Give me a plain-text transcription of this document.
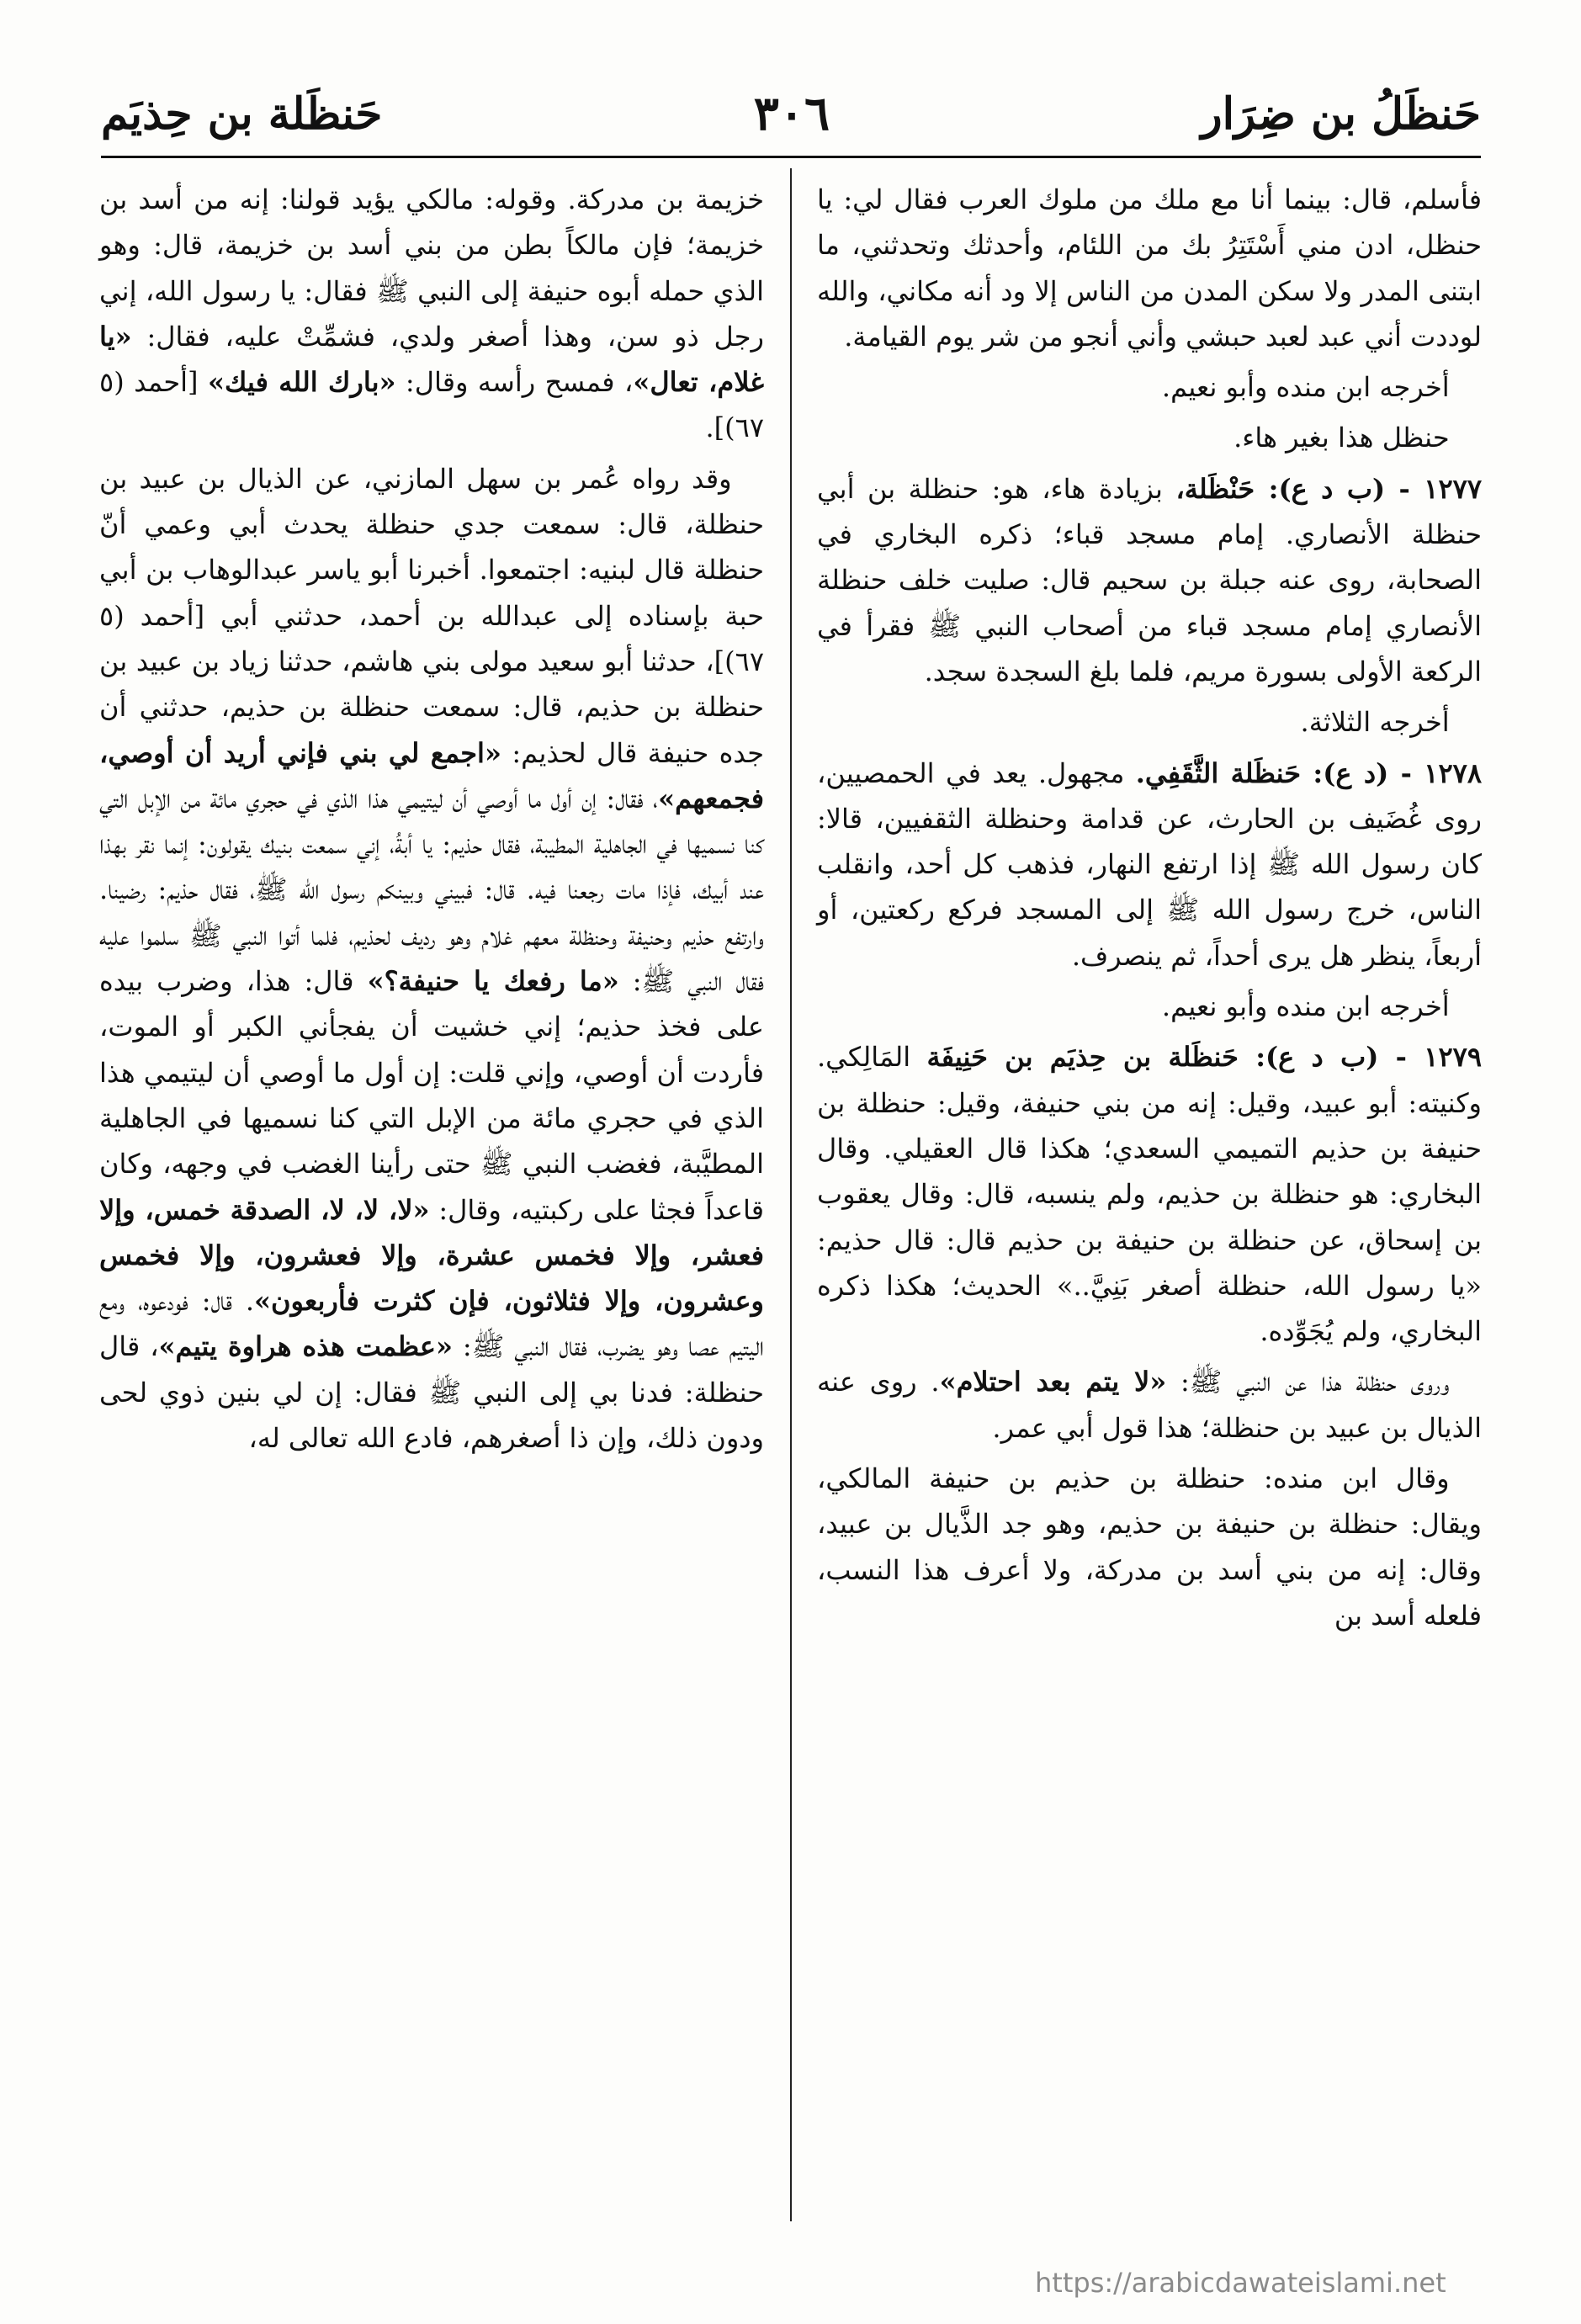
حَنظَلُ بن ضِرَار
٣٠٦
حَنظَلة بن حِذيَم

فأسلم، قال: بينما أنا مع ملك من ملوك العرب فقال لي: يا حنظل، ادن مني أَسْتَتِرُ بك من اللئام، وأحدثك وتحدثني، ما ابتنى المدر ولا سكن المدن من الناس إلا ود أنه مكاني، والله لوددت أني عبد لعبد حبشي وأني أنجو من شر يوم القيامة.

أخرجه ابن منده وأبو نعيم.

حنظل هذا بغير هاء.

١٢٧٧ - (ب د ع): حَنْظَلة، بزيادة هاء، هو: حنظلة بن أبي حنظلة الأنصاري. إمام مسجد قباء؛ ذكره البخاري في الصحابة، روى عنه جبلة بن سحيم قال: صليت خلف حنظلة الأنصاري إمام مسجد قباء من أصحاب النبي ﷺ فقرأ في الركعة الأولى بسورة مريم، فلما بلغ السجدة سجد.

أخرجه الثلاثة.

١٢٧٨ - (د ع): حَنظَلة الثَّقَفِي. مجهول. يعد في الحمصيين، روى غُضَيف بن الحارث، عن قدامة وحنظلة الثقفيين، قالا: كان رسول الله ﷺ إذا ارتفع النهار، فذهب كل أحد، وانقلب الناس، خرج رسول الله ﷺ إلى المسجد فركع ركعتين، أو أربعاً، ينظر هل يرى أحداً، ثم ينصرف.

أخرجه ابن منده وأبو نعيم.

١٢٧٩ - (ب د ع): حَنظَلة بن حِذيَم بن حَنِيفَة المَالِكي. وكنيته: أبو عبيد، وقيل: إنه من بني حنيفة، وقيل: حنظلة بن حنيفة بن حذيم التميمي السعدي؛ هكذا قال العقيلي. وقال البخاري: هو حنظلة بن حذيم، ولم ينسبه، قال: وقال يعقوب بن إسحاق، عن حنظلة بن حنيفة بن حذيم قال: قال حذيم: «يا رسول الله، حنظلة أصغر بَنِيَّ..» الحديث؛ هكذا ذكره البخاري، ولم يُجَوِّده.

وروى حنظلة هذا عن النبي ﷺ: «لا يتم بعد احتلام». روى عنه الذيال بن عبيد بن حنظلة؛ هذا قول أبي عمر.

وقال ابن منده: حنظلة بن حذيم بن حنيفة المالكي، ويقال: حنظلة بن حنيفة بن حذيم، وهو جد الذَّيال بن عبيد، وقال: إنه من بني أسد بن مدركة، ولا أعرف هذا النسب، فلعله أسد بن

خزيمة بن مدركة. وقوله: مالكي يؤيد قولنا: إنه من أسد بن خزيمة؛ فإن مالكاً بطن من بني أسد بن خزيمة، قال: وهو الذي حمله أبوه حنيفة إلى النبي ﷺ فقال: يا رسول الله، إني رجل ذو سن، وهذا أصغر ولدي، فشمِّتْ عليه، فقال: «يا غلام، تعال»، فمسح رأسه وقال: «بارك الله فيك» [أحمد (٥ ٦٧)].

وقد رواه عُمر بن سهل المازني، عن الذيال بن عبيد بن حنظلة، قال: سمعت جدي حنظلة يحدث أبي وعمي أنّ حنظلة قال لبنيه: اجتمعوا. أخبرنا أبو ياسر عبدالوهاب بن أبي حبة بإسناده إلى عبدالله بن أحمد، حدثني أبي [أحمد (٥ ٦٧)]، حدثنا أبو سعيد مولى بني هاشم، حدثنا زياد بن عبيد بن حنظلة بن حذيم، قال: سمعت حنظلة بن حذيم، حدثني أن جده حنيفة قال لحذيم: «اجمع لي بني فإني أريد أن أوصي، فجمعهم»، فقال: إن أول ما أوصي أن ليتيمي هذا الذي في حجري مائة من الإبل التي كنا نسميها في الجاهلية المطيبة، فقال حذيم: يا أبةُ، إني سمعت بنيك يقولون: إنما نقر بهذا عند أبيك، فإذا مات رجعنا فيه. قال: فبيني وبينكم رسول الله ﷺ، فقال حذيم: رضينا. وارتفع حذيم وحنيفة وحنظلة معهم غلام وهو رديف لحذيم، فلما أتوا النبي ﷺ سلموا عليه فقال النبي ﷺ: «ما رفعك يا حنيفة؟» قال: هذا، وضرب بيده على فخذ حذيم؛ إني خشيت أن يفجأني الكبر أو الموت، فأردت أن أوصي، وإني قلت: إن أول ما أوصي أن ليتيمي هذا الذي في حجري مائة من الإبل التي كنا نسميها في الجاهلية المطيَّبة، فغضب النبي ﷺ حتى رأينا الغضب في وجهه، وكان قاعداً فجثا على ركبتيه، وقال: «لا، لا، لا، الصدقة خمس، وإلا فعشر، وإلا فخمس عشرة، وإلا فعشرون، وإلا فخمس وعشرون، وإلا فثلاثون، فإن كثرت فأربعون». قال: فودعوه، ومع اليتيم عصا وهو يضرب، فقال النبي ﷺ: «عظمت هذه هراوة يتيم»، قال حنظلة: فدنا بي إلى النبي ﷺ فقال: إن لي بنين ذوي لحى ودون ذلك، وإن ذا أصغرهم، فادع الله تعالى له،

https://arabicdawateislami.net
